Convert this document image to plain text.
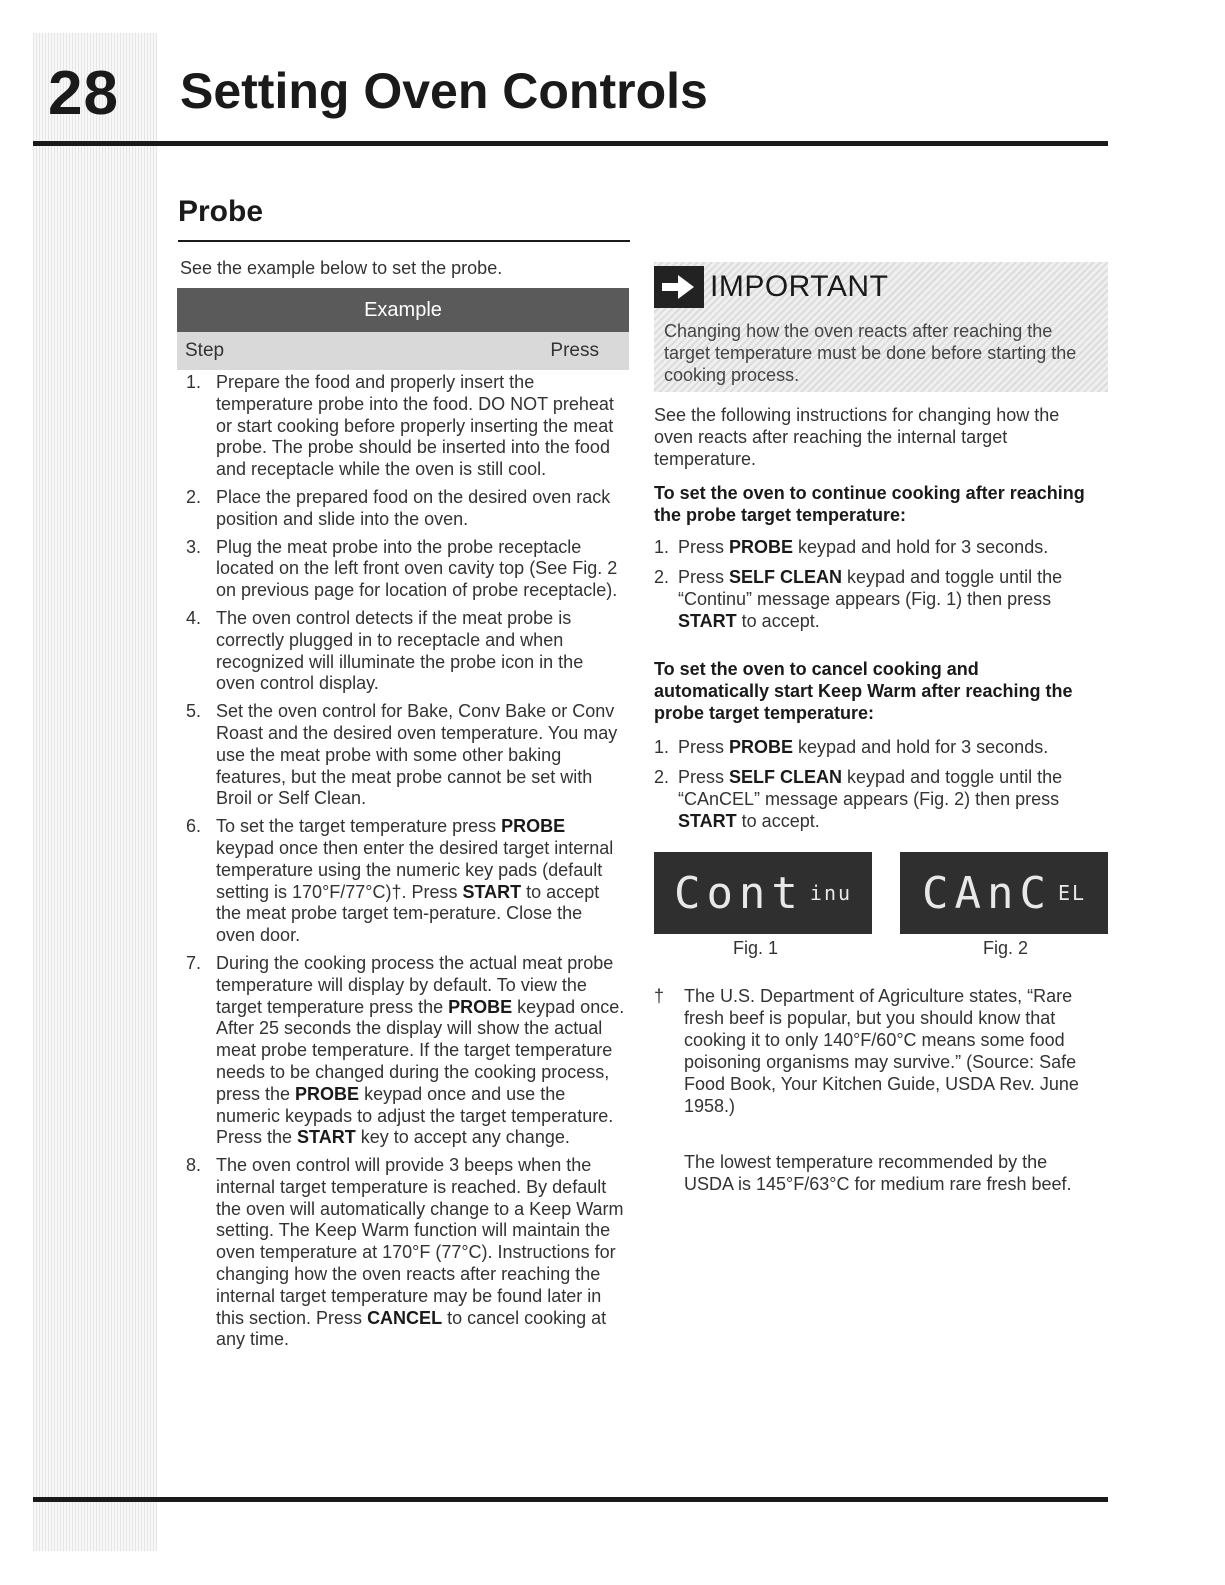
28	Setting Oven Controls
Probe
See the example below to set the probe.
Example
Step	Press
1. Prepare the food and properly insert the temperature probe into the food. DO NOT preheat or start cooking before properly inserting the meat probe. The probe should be inserted into the food and receptacle while the oven is still cool.
2. Place the prepared food on the desired oven rack position and slide into the oven.
3. Plug the meat probe into the probe receptacle located on the left front oven cavity top (See Fig. 2 on previous page for location of probe receptacle).
4. The oven control detects if the meat probe is correctly plugged in to receptacle and when recognized will illuminate the probe icon in the oven control display.
5. Set the oven control for Bake, Conv Bake or Conv Roast and the desired oven temperature. You may use the meat probe with some other baking features, but the meat probe cannot be set with Broil or Self Clean.
6. To set the target temperature press PROBE keypad once then enter the desired target internal temperature using the numeric key pads (default setting is 170°F/77°C)†. Press START to accept the meat probe target tem-perature. Close the oven door.
7. During the cooking process the actual meat probe temperature will display by default. To view the target temperature press the PROBE keypad once. After 25 seconds the display will show the actual meat probe temperature. If the target temperature needs to be changed during the cooking process, press the PROBE keypad once and use the numeric keypads to adjust the target temperature. Press the START key to accept any change.
8. The oven control will provide 3 beeps when the internal target temperature is reached. By default the oven will automatically change to a Keep Warm setting. The Keep Warm function will maintain the oven temperature at 170°F (77°C). Instructions for changing how the oven reacts after reaching the internal target temperature may be found later in this section. Press CANCEL to cancel cooking at any time.
IMPORTANT
Changing how the oven reacts after reaching the target temperature must be done before starting the cooking process.
See the following instructions for changing how the oven reacts after reaching the internal target temperature.
To set the oven to continue cooking after reaching the probe target temperature:
1. Press PROBE keypad and hold for 3 seconds.
2. Press SELF CLEAN keypad and toggle until the “Continu” message appears (Fig. 1) then press START to accept.
To set the oven to cancel cooking and automatically start Keep Warm after reaching the probe target temperature:
1. Press PROBE keypad and hold for 3 seconds.
2. Press SELF CLEAN keypad and toggle until the “CAnCEL” message appears (Fig. 2) then press START to accept.
Cont inu CAnC EL
Fig. 1	Fig. 2
†	The U.S. Department of Agriculture states, “Rare fresh beef is popular, but you should know that cooking it to only 140°F/60°C means some food poisoning organisms may survive.” (Source: Safe Food Book, Your Kitchen Guide, USDA Rev. June 1958.)
The lowest temperature recommended by the USDA is 145°F/63°C for medium rare fresh beef.
